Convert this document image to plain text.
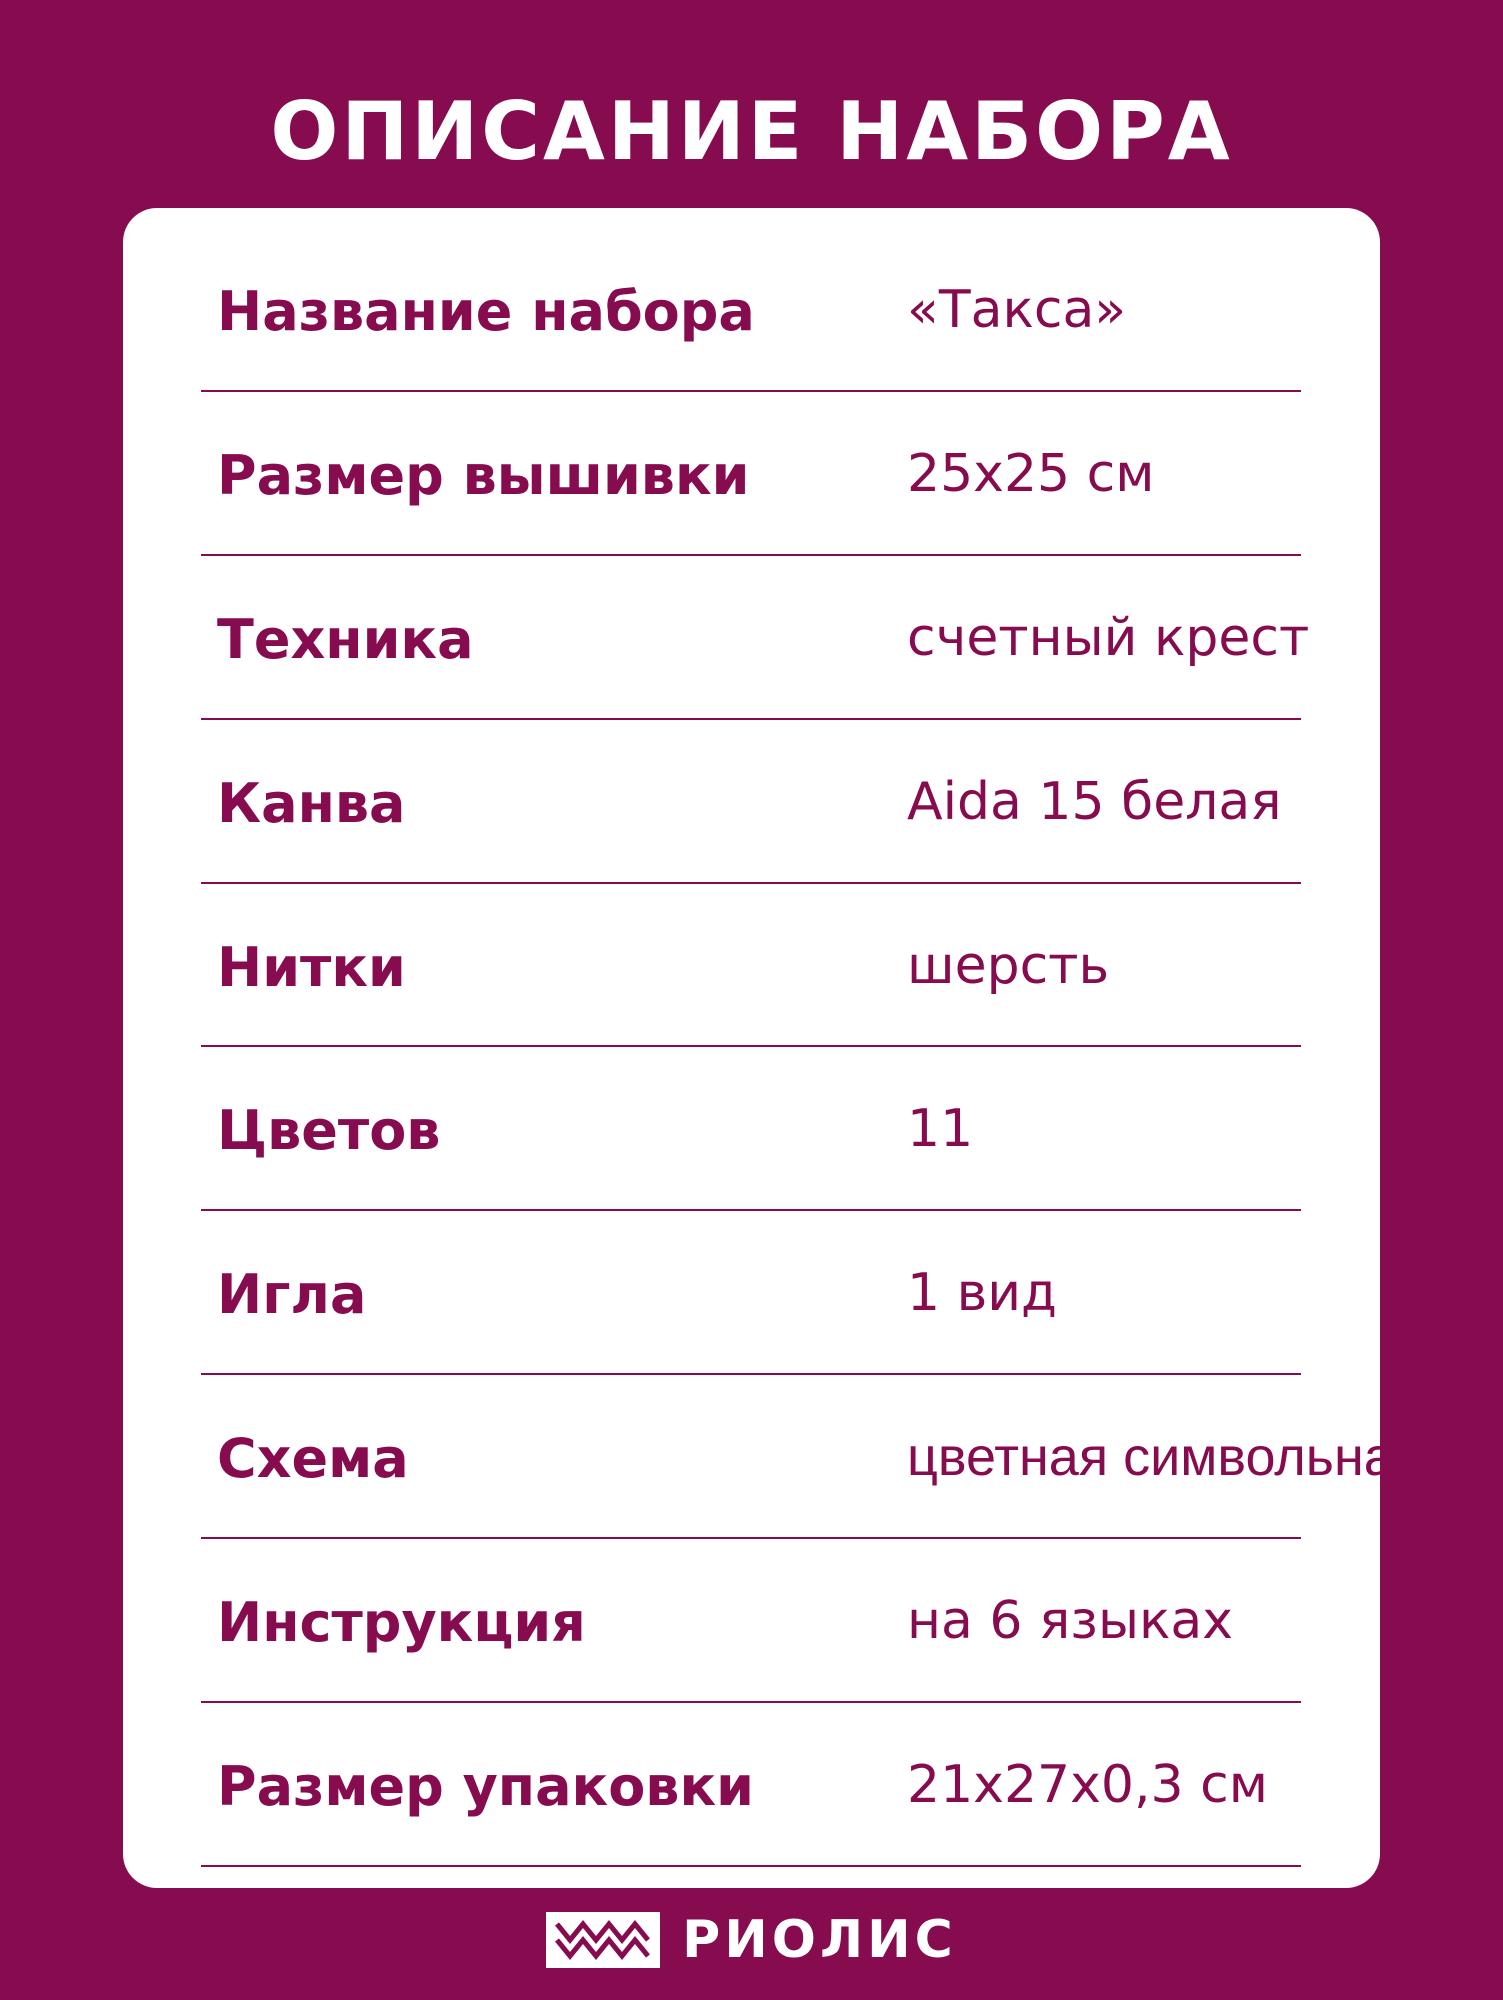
ОПИСАНИЕ НАБОРА
Название набора	«Такса»
Размер вышивки	25x25 см
Техника	счетный крест
Канва	Aida 15 белая
Нитки	шерсть
Цветов	11
Игла	1 вид
Схема	цветная символьная
Инструкция	на 6 языках
Размер упаковки	21x27x0,3 см
РИОЛИС
